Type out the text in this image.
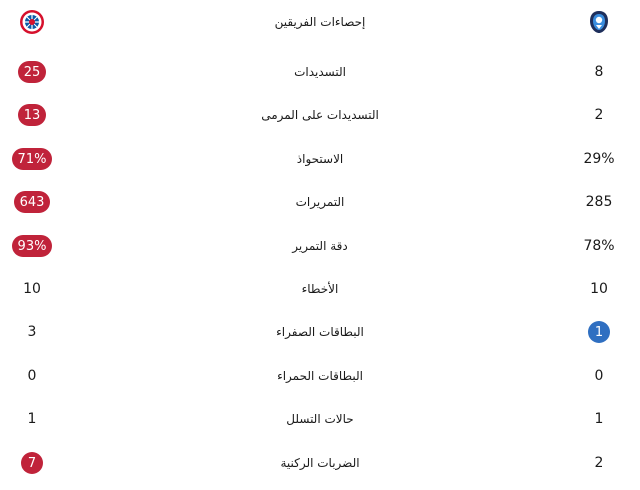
إحصاءات الفريقين
25	التسديدات	8
13	التسديدات على المرمى	2
71%	الاستحواذ	29%
643	التمريرات	285
93%	دقة التمرير	78%
10	الأخطاء	10
3	البطاقات الصفراء	1
0	البطاقات الحمراء	0
1	حالات التسلل	1
7	الضربات الركنية	2
